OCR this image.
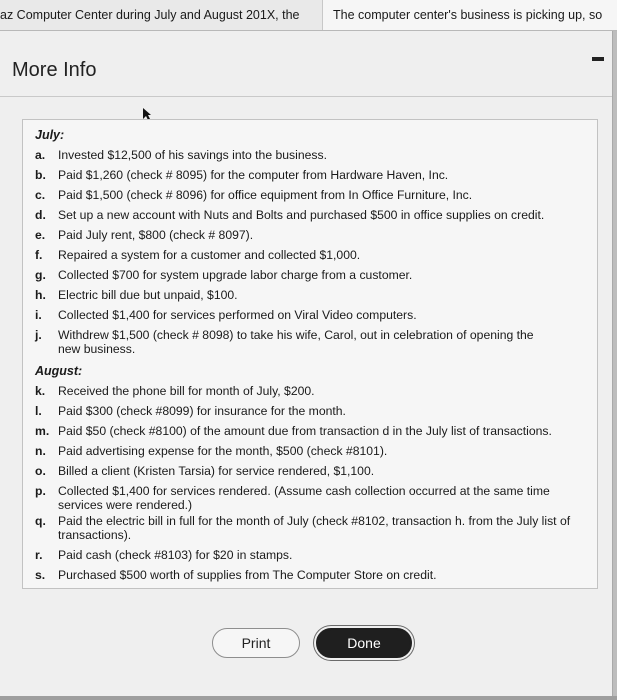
az Computer Center during July and August 201X, the	The computer center's business is picking up, so
More Info
July:
a.	Invested $12,500 of his savings into the business.
b. Paid $1,260 (check # 8095) for the computer from Hardware Haven, Inc.
c.	Paid $1,500 (check # 8096) for office equipment from In Office Furniture, Inc.
d. Set up a new account with Nuts and Bolts and purchased $500 in office supplies on credit.
e.	Paid July rent, $800 (check # 8097).
f.	Repaired a system for a customer and collected $1,000.
g. Collected $700 for system upgrade labor charge from a customer.
h. Electric bill due but unpaid, $100.
i.	Collected $1,400 for services performed on Viral Video computers.
j.	Withdrew $1,500 (check # 8098) to take his wife, Carol, out in celebration of opening the new business.
August:
k.	Received the phone bill for month of July, $200.
l.	Paid $300 (check #8099) for insurance for the month.
m. Paid $50 (check #8100) of the amount due from transaction d in the July list of transactions.
n. Paid advertising expense for the month, $500 (check #8101).
o. Billed a client (Kristen Tarsia) for service rendered, $1,100.
p. Collected $1,400 for services rendered. (Assume cash collection occurred at the same time services were rendered.)
q. Paid the electric bill in full for the month of July (check #8102, transaction h. from the July list of transactions).
r.	Paid cash (check #8103) for $20 in stamps.
s.	Purchased $500 worth of supplies from The Computer Store on credit.
Print	Done
